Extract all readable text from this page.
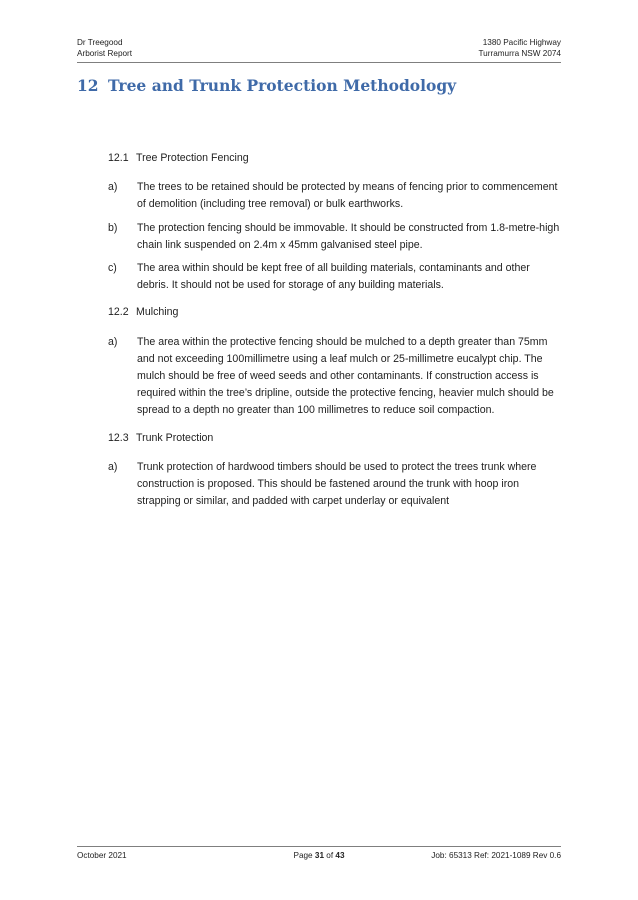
Dr Treegood
Arborist Report
1380 Pacific Highway
Turramurra NSW 2074
12 Tree and Trunk Protection Methodology
12.1 Tree Protection Fencing
a) The trees to be retained should be protected by means of fencing prior to commencement of demolition (including tree removal) or bulk earthworks.
b) The protection fencing should be immovable. It should be constructed from 1.8-metre-high chain link suspended on 2.4m x 45mm galvanised steel pipe.
c) The area within should be kept free of all building materials, contaminants and other debris. It should not be used for storage of any building materials.
12.2 Mulching
a) The area within the protective fencing should be mulched to a depth greater than 75mm and not exceeding 100millimetre using a leaf mulch or 25-millimetre eucalypt chip. The mulch should be free of weed seeds and other contaminants. If construction access is required within the tree’s dripline, outside the protective fencing, heavier mulch should be spread to a depth no greater than 100 millimetres to reduce soil compaction.
12.3 Trunk Protection
a) Trunk protection of hardwood timbers should be used to protect the trees trunk where construction is proposed. This should be fastened around the trunk with hoop iron strapping or similar, and padded with carpet underlay or equivalent
October 2021	Page 31 of 43	Job: 65313 Ref: 2021-1089 Rev 0.6
